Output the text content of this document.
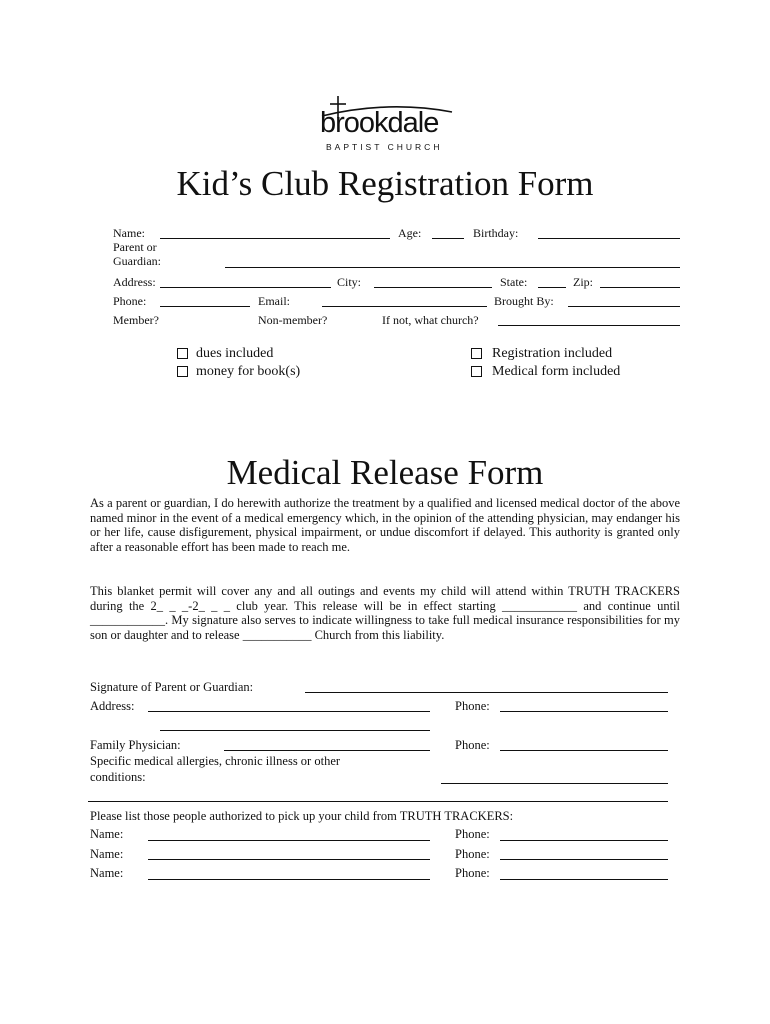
brookdale
BAPTIST CHURCH
Kid’s Club Registration Form
Name:	Age:	Birthday:
Parent or
Guardian:
Address:	City:	State:	Zip:
Phone:	Email:	Brought By:
Member?	Non-member?	If not, what church?
dues included
money for book(s)
Registration included
Medical form included
Medical Release Form
As a parent or guardian, I do herewith authorize the treatment by a qualified and licensed medical doctor of the above named minor in the event of a medical emergency which, in the opinion of the attending physician, may endanger his or her life, cause disfigurement, physical impairment, or undue discomfort if delayed. This authority is granted only after a reasonable effort has been made to reach me.
This blanket permit will cover any and all outings and events my child will attend within TRUTH TRACKERS during the 2_ _ _-2_ _ _ club year. This release will be in effect starting ____________ and continue until ____________. My signature also serves to indicate willingness to take full medical insurance responsibilities for my son or daughter and to release ___________ Church from this liability.
Signature of Parent or Guardian:
Address:	Phone:
Family Physician:	Phone:
Specific medical allergies, chronic illness or other
conditions:
Please list those people authorized to pick up your child from TRUTH TRACKERS:
Name:	Phone:
Name:	Phone:
Name:	Phone:
